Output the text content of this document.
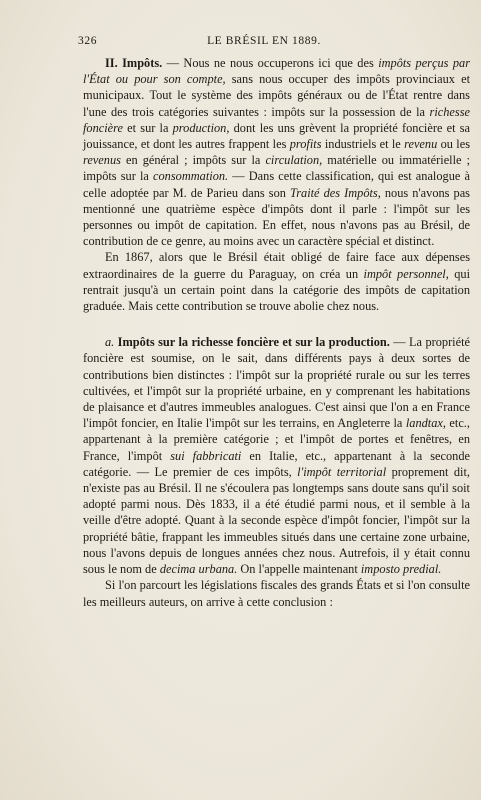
326	LE BRÉSIL EN 1889.

II. Impôts. — Nous ne nous occuperons ici que des impôts perçus par l'État ou pour son compte, sans nous occuper des impôts provinciaux et municipaux. Tout le système des impôts généraux ou de l'État rentre dans l'une des trois catégories suivantes : impôts sur la possession de la richesse foncière et sur la production, dont les uns grèvent la propriété foncière et sa jouissance, et dont les autres frappent les profits industriels et le revenu ou les revenus en général ; impôts sur la circulation, matérielle ou immatérielle ; impôts sur la consommation. — Dans cette classification, qui est analogue à celle adoptée par M. de Parieu dans son Traité des Impôts, nous n'avons pas mentionné une quatrième espèce d'impôts dont il parle : l'impôt sur les personnes ou impôt de capitation. En effet, nous n'avons pas au Brésil, de contribution de ce genre, au moins avec un caractère spécial et distinct.

En 1867, alors que le Brésil était obligé de faire face aux dépenses extraordinaires de la guerre du Paraguay, on créa un impôt personnel, qui rentrait jusqu'à un certain point dans la catégorie des impôts de capitation graduée. Mais cette contribution se trouve abolie chez nous.

a. Impôts sur la richesse foncière et sur la production. — La propriété foncière est soumise, on le sait, dans différents pays à deux sortes de contributions bien distinctes : l'impôt sur la propriété rurale ou sur les terres cultivées, et l'impôt sur la propriété urbaine, en y comprenant les habitations de plaisance et d'autres immeubles analogues. C'est ainsi que l'on a en France l'impôt foncier, en Italie l'impôt sur les terrains, en Angleterre la landtax, etc., appartenant à la première catégorie ; et l'impôt de portes et fenêtres, en France, l'impôt sui fabbricati en Italie, etc., appartenant à la seconde catégorie. — Le premier de ces impôts, l'impôt territorial proprement dit, n'existe pas au Brésil. Il ne s'écoulera pas longtemps sans doute sans qu'il soit adopté parmi nous. Dès 1833, il a été étudié parmi nous, et il semble à la veille d'être adopté. Quant à la seconde espèce d'impôt foncier, l'impôt sur la propriété bâtie, frappant les immeubles situés dans une certaine zone urbaine, nous l'avons depuis de longues années chez nous. Autrefois, il y était connu sous le nom de decima urbana. On l'appelle maintenant imposto predial.

Si l'on parcourt les législations fiscales des grands États et si l'on consulte les meilleurs auteurs, on arrive à cette conclusion :
